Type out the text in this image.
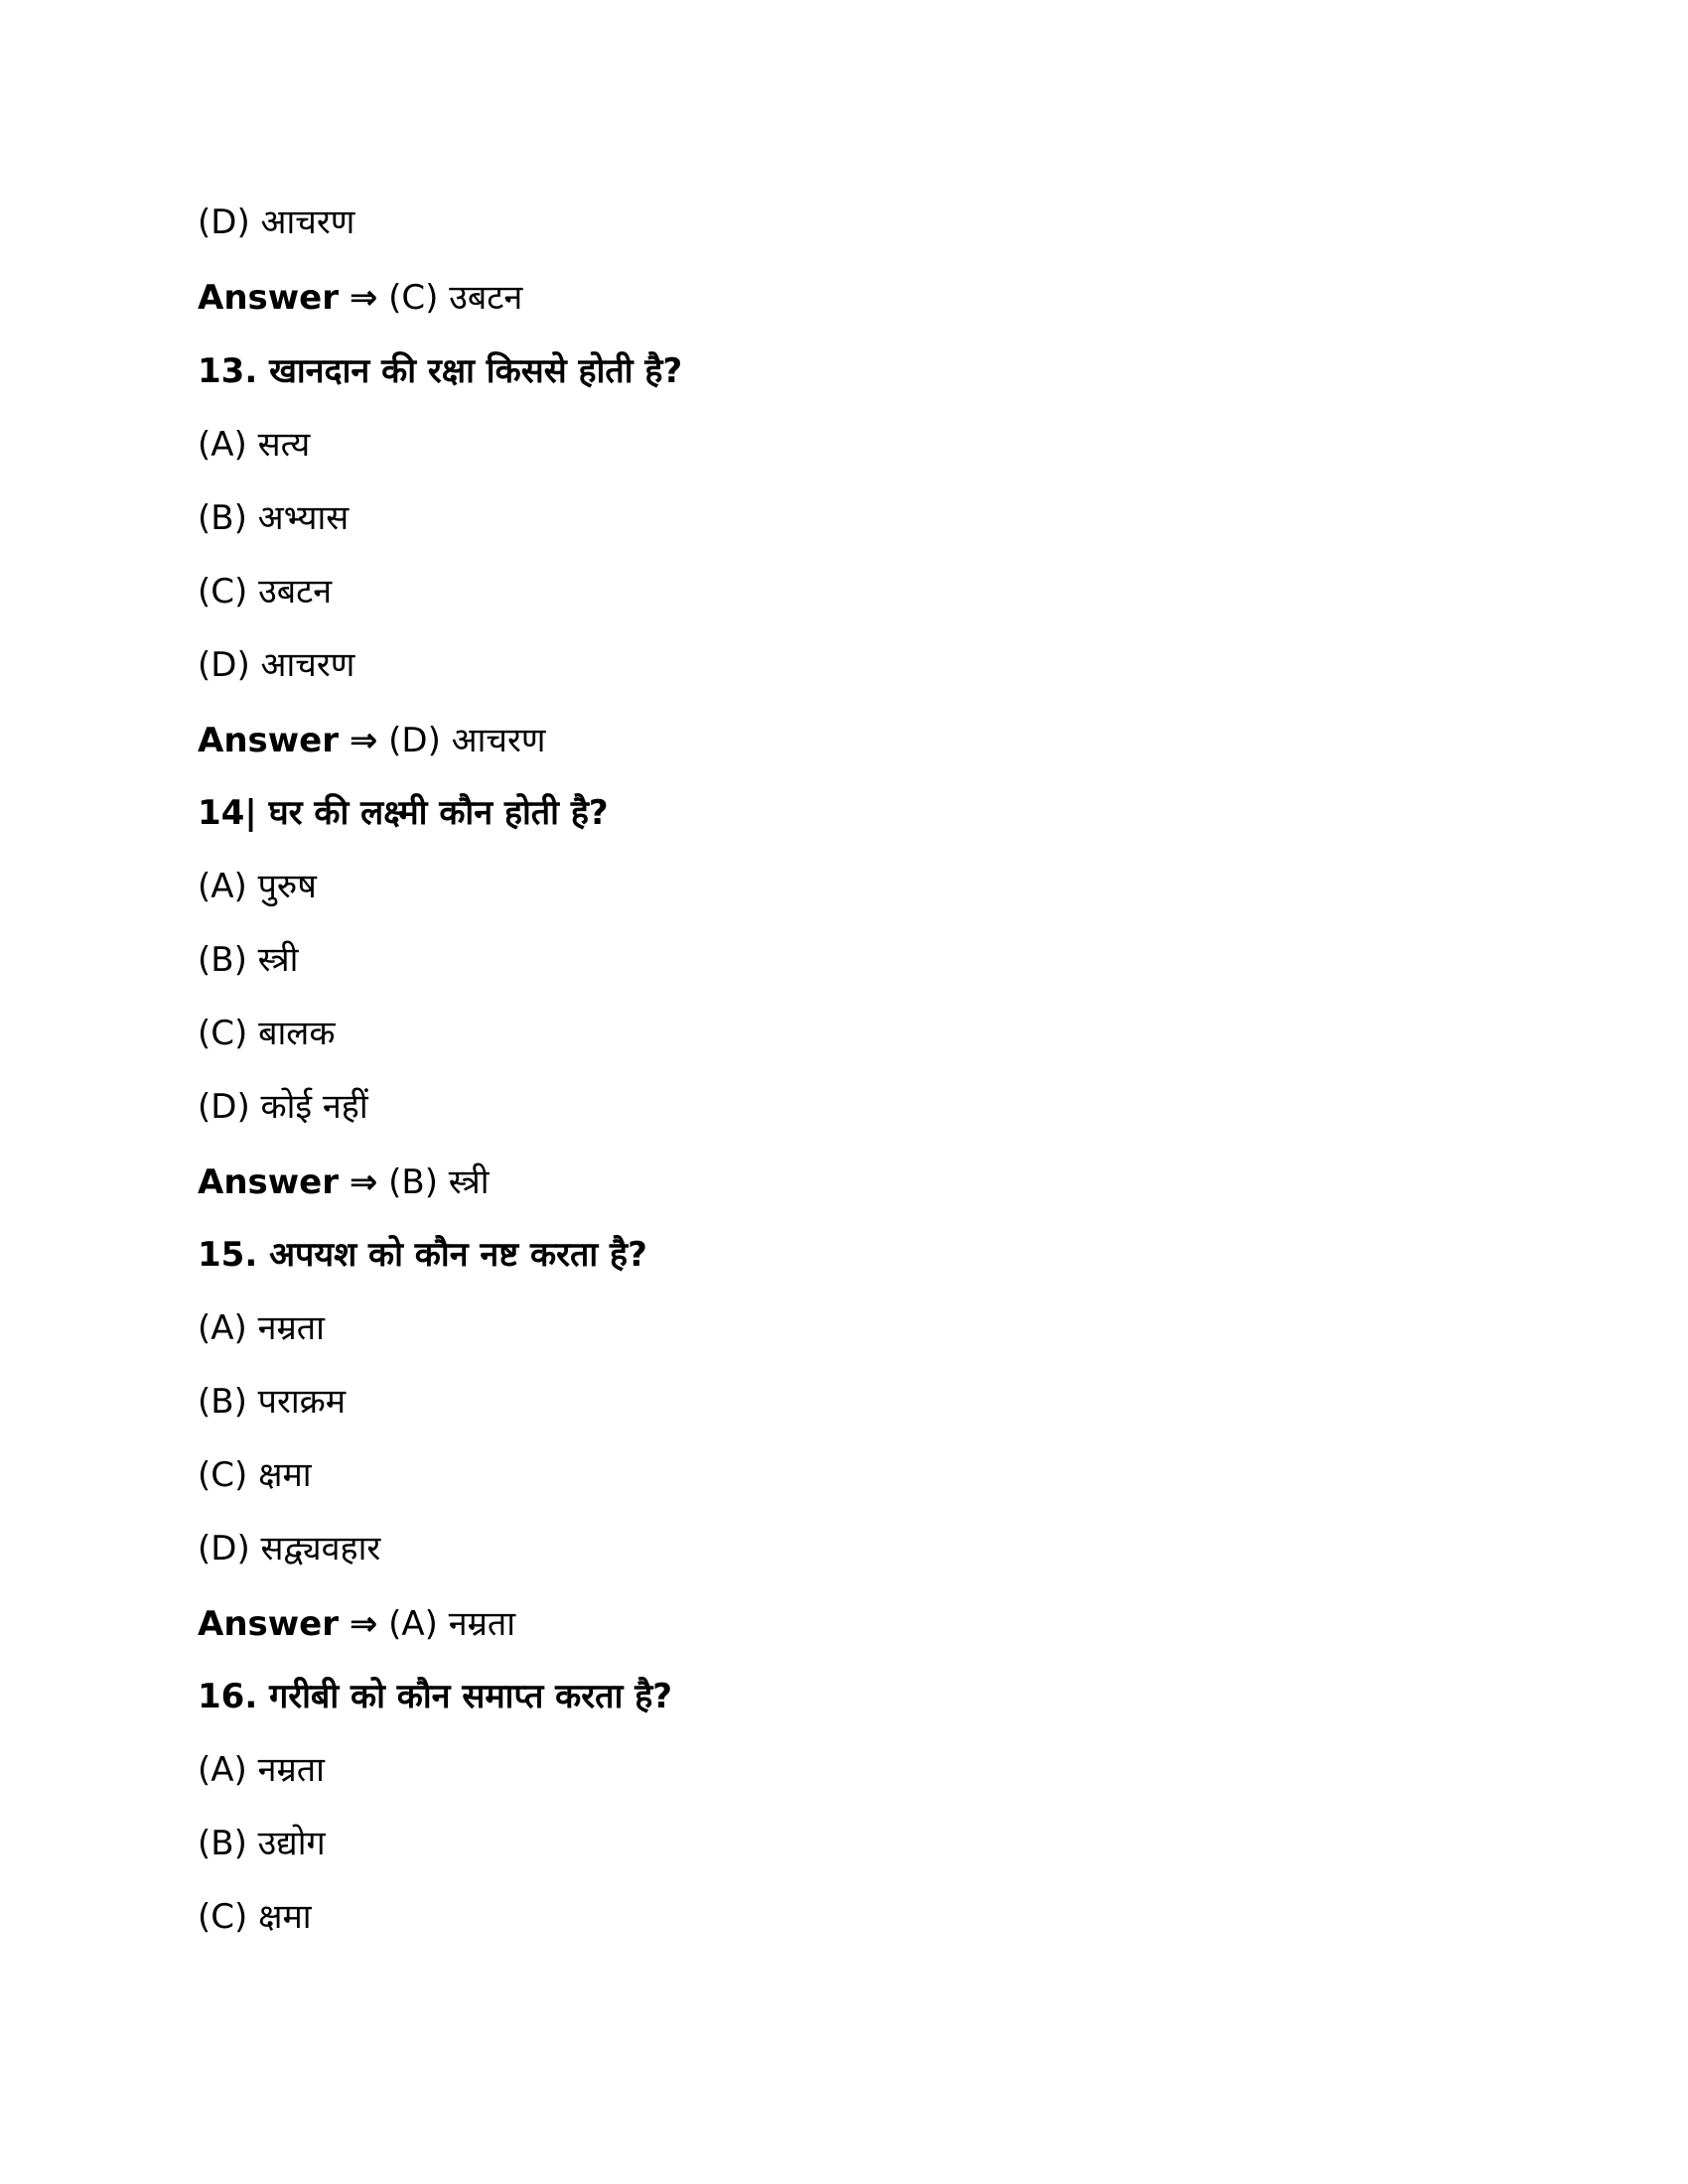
(D) आचरण
Answer ⇒ (C) उबटन
13. खानदान की रक्षा किससे होती है?
(A) सत्य
(B) अभ्यास
(C) उबटन
(D) आचरण
Answer ⇒ (D) आचरण
14| घर की लक्ष्मी कौन होती है?
(A) पुरुष
(B) स्त्री
(C) बालक
(D) कोई नहीं
Answer ⇒ (B) स्त्री
15. अपयश को कौन नष्ट करता है?
(A) नम्रता
(B) पराक्रम
(C) क्षमा
(D) सद्व्यवहार
Answer ⇒ (A) नम्रता
16. गरीबी को कौन समाप्त करता है?
(A) नम्रता
(B) उद्योग
(C) क्षमा
